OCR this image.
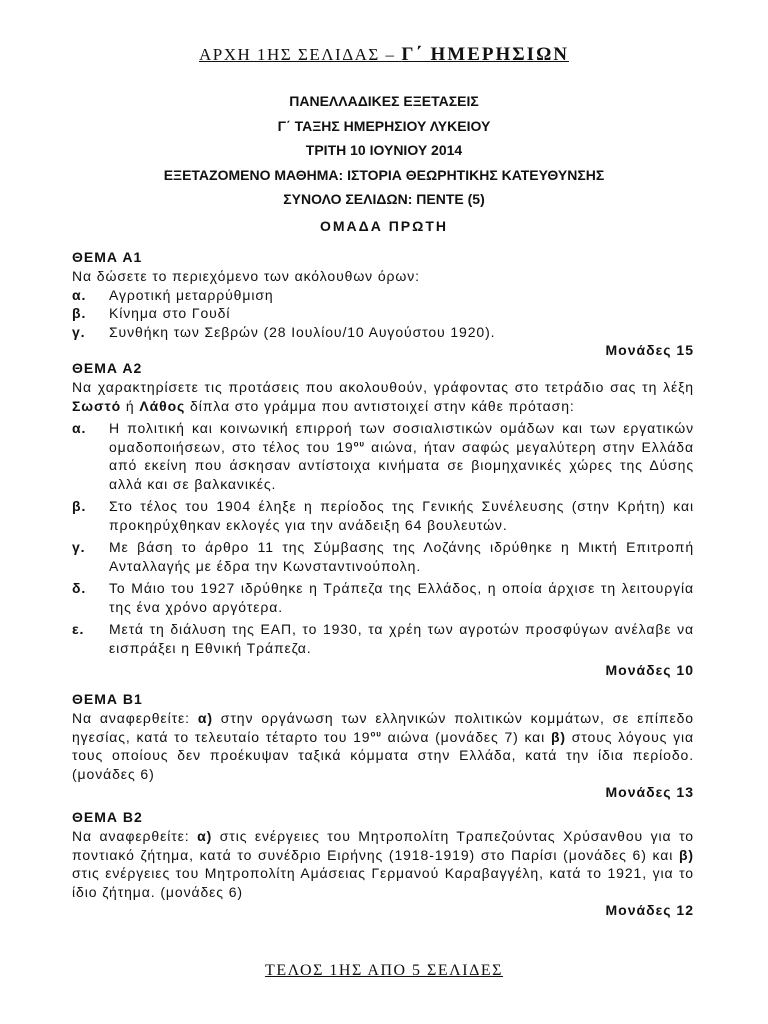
ΑΡΧΗ 1ΗΣ ΣΕΛΙΔΑΣ – Γ΄ ΗΜΕΡΗΣΙΩΝ
ΠΑΝΕΛΛΑΔΙΚΕΣ ΕΞΕΤΑΣΕΙΣ
Γ΄ ΤΑΞΗΣ ΗΜΕΡΗΣΙΟΥ ΛΥΚΕΙΟΥ
ΤΡΙΤΗ 10 ΙΟΥΝΙΟΥ 2014
ΕΞΕΤΑΖΟΜΕΝΟ ΜΑΘΗΜΑ: ΙΣΤΟΡΙΑ ΘΕΩΡΗΤΙΚΗΣ ΚΑΤΕΥΘΥΝΣΗΣ
ΣΥΝΟΛΟ ΣΕΛΙΔΩΝ: ΠΕΝΤΕ (5)
ΟΜΑΔΑ ΠΡΩΤΗ
ΘΕΜΑ Α1
Να δώσετε το περιεχόμενο των ακόλουθων όρων:
α.	Αγροτική μεταρρύθμιση
β.	Κίνημα στο Γουδί
γ.	Συνθήκη των Σεβρών (28 Ιουλίου/10 Αυγούστου 1920).
Μονάδες 15
ΘΕΜΑ Α2
Να χαρακτηρίσετε τις προτάσεις που ακολουθούν, γράφοντας στο τετράδιο σας τη λέξη Σωστό ή Λάθος δίπλα στο γράμμα που αντιστοιχεί στην κάθε πρόταση:
α.	Η πολιτική και κοινωνική επιρροή των σοσιαλιστικών ομάδων και των εργατικών ομαδοποιήσεων, στο τέλος του $19^{o\upsilon}$ αιώνα, ήταν σαφώς μεγαλύτερη στην Ελλάδα από εκείνη που άσκησαν αντίστοιχα κινήματα σε βιομηχανικές χώρες της Δύσης αλλά και σε βαλκανικές.
β.	Στο τέλος του 1904 έληξε η περίοδος της Γενικής Συνέλευσης (στην Κρήτη) και προκηρύχθηκαν εκλογές για την ανάδειξη 64 βουλευτών.
γ.	Με βάση το άρθρο 11 της Σύμβασης της Λοζάνης ιδρύθηκε η Μικτή Επιτροπή Ανταλλαγής με έδρα την Κωνσταντινούπολη.
δ.	Το Μάιο του 1927 ιδρύθηκε η Τράπεζα της Ελλάδος, η οποία άρχισε τη λειτουργία της ένα χρόνο αργότερα.
ε.	Μετά τη διάλυση της ΕΑΠ, το 1930, τα χρέη των αγροτών προσφύγων ανέλαβε να εισπράξει η Εθνική Τράπεζα.
Μονάδες 10
ΘΕΜΑ Β1
Να αναφερθείτε: α) στην οργάνωση των ελληνικών πολιτικών κομμάτων, σε επίπεδο ηγεσίας, κατά το τελευταίο τέταρτο του $19^{o\upsilon}$ αιώνα (μονάδες 7) και β) στους λόγους για τους οποίους δεν προέκυψαν ταξικά κόμματα στην Ελλάδα, κατά την ίδια περίοδο. (μονάδες 6)
Μονάδες 13
ΘΕΜΑ Β2
Να αναφερθείτε: α) στις ενέργειες του Μητροπολίτη Τραπεζούντας Χρύσανθου για το ποντιακό ζήτημα, κατά το συνέδριο Ειρήνης (1918-1919) στο Παρίσι (μονάδες 6) και β) στις ενέργειες του Μητροπολίτη Αμάσειας Γερμανού Καραβαγγέλη, κατά το 1921, για το ίδιο ζήτημα. (μονάδες 6)
Μονάδες 12
ΤΕΛΟΣ 1ΗΣ ΑΠΟ 5 ΣΕΛΙΔΕΣ
